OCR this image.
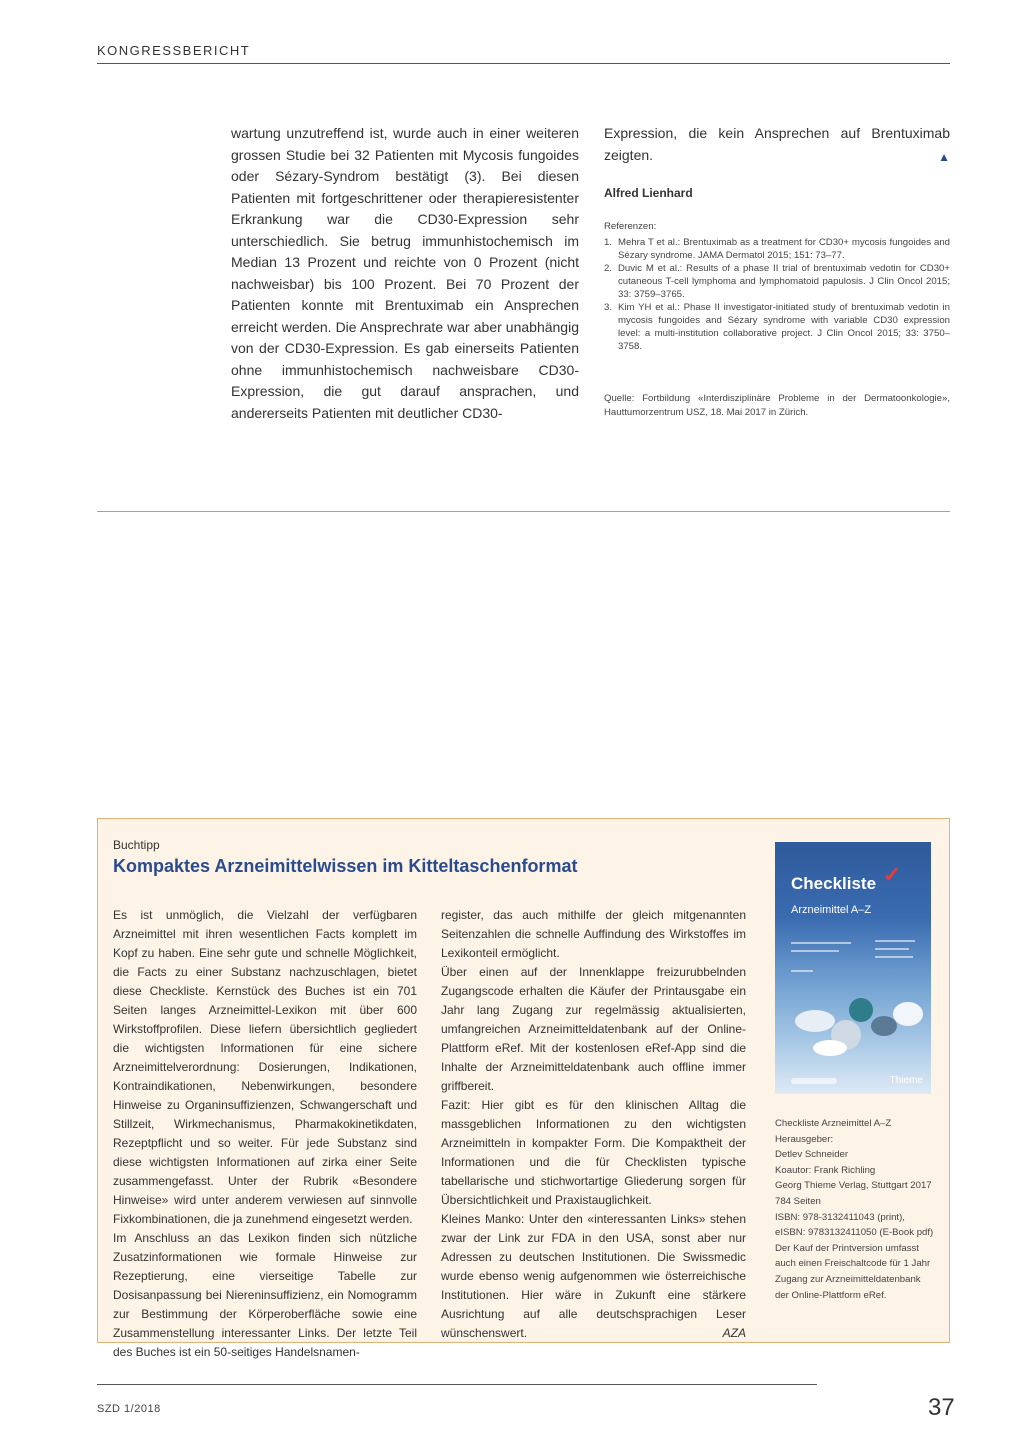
KONGRESSBERICHT
wartung unzutreffend ist, wurde auch in einer weiteren grossen Studie bei 32 Patienten mit Mycosis fungoides oder Sézary-Syndrom bestätigt (3). Bei diesen Patienten mit fortgeschrittener oder therapieresistenter Erkrankung war die CD30-Expression sehr unterschiedlich. Sie betrug immunhistochemisch im Median 13 Prozent und reichte von 0 Prozent (nicht nachweisbar) bis 100 Prozent. Bei 70 Prozent der Patienten konnte mit Brentuximab ein Ansprechen erreicht werden. Die Ansprechrate war aber unabhängig von der CD30-Expression. Es gab einerseits Patienten ohne immunhistochemisch nachweisbare CD30-Expression, die gut darauf ansprachen, und andererseits Patienten mit deutlicher CD30-
Expression, die kein Ansprechen auf Brentuximab zeigten.	▲
Alfred Lienhard
Referenzen:
1. Mehra T et al.: Brentuximab as a treatment for CD30+ mycosis fungoides and Sézary syndrome. JAMA Dermatol 2015; 151: 73–77.
2. Duvic M et al.: Results of a phase II trial of brentuximab vedotin for CD30+ cutaneous T-cell lymphoma and lymphomatoid papulosis. J Clin Oncol 2015; 33: 3759–3765.
3. Kim YH et al.: Phase II investigator-initiated study of brentuximab vedotin in mycosis fungoides and Sézary syndrome with variable CD30 expression level: a multi-institution collaborative project. J Clin Oncol 2015; 33: 3750–3758.
Quelle: Fortbildung «Interdisziplinäre Probleme in der Dermatoonkologie», Hauttumorzentrum USZ, 18. Mai 2017 in Zürich.
Buchtipp
Kompaktes Arzneimittelwissen im Kitteltaschenformat

Es ist unmöglich, die Vielzahl der verfügbaren Arzneimittel mit ihren wesentlichen Facts komplett im Kopf zu haben. Eine sehr gute und schnelle Möglichkeit, die Facts zu einer Substanz nachzuschlagen, bietet diese Checkliste. Kernstück des Buches ist ein 701 Seiten langes Arzneimittel-Lexikon mit über 600 Wirkstoffprofilen. Diese liefern übersichtlich gegliedert die wichtigsten Informationen für eine sichere Arzneimittelverordnung: Dosierungen, Indikationen, Kontraindikationen, Nebenwirkungen, besondere Hinweise zu Organinsuffizienzen, Schwangerschaft und Stillzeit, Wirkmechanismus, Pharmakokinetikdaten, Rezeptpflicht und so weiter. Für jede Substanz sind diese wichtigsten Informationen auf zirka einer Seite zusammengefasst. Unter der Rubrik «Besondere Hinweise» wird unter anderem verwiesen auf sinnvolle Fixkombinationen, die ja zunehmend eingesetzt werden.

Im Anschluss an das Lexikon finden sich nützliche Zusatzinformationen wie formale Hinweise zur Rezeptierung, eine vierseitige Tabelle zur Dosisanpassung bei Niereninsuffizienz, ein Nomogramm zur Bestimmung der Körperoberfläche sowie eine Zusammenstellung interessanter Links. Der letzte Teil des Buches ist ein 50-seitiges Handelsnamen-

register, das auch mithilfe der gleich mitgenannten Seitenzahlen die schnelle Auffindung des Wirkstoffes im Lexikonteil ermöglicht.

Über einen auf der Innenklappe freizurubbelnden Zugangscode erhalten die Käufer der Printausgabe ein Jahr lang Zugang zur regelmässig aktualisierten, umfangreichen Arzneimitteldatenbank auf der Online-Plattform eRef. Mit der kostenlosen eRef-App sind die Inhalte der Arzneimitteldatenbank auch offline immer griffbereit.

Fazit: Hier gibt es für den klinischen Alltag die massgeblichen Informationen zu den wichtigsten Arzneimitteln in kompakter Form. Die Kompaktheit der Informationen und die für Checklisten typische tabellarische und stichwortartige Gliederung sorgen für Übersichtlichkeit und Praxistauglichkeit.

Kleines Manko: Unter den «interessanten Links» stehen zwar der Link zur FDA in den USA, sonst aber nur Adressen zu deutschen Institutionen. Die Swissmedic wurde ebenso wenig aufgenommen wie österreichische Institutionen. Hier wäre in Zukunft eine stärkere Ausrichtung auf alle deutschsprachigen Leser wünschenswert.	AZA

Checkliste ✓
Arzneimittel A–Z
Thieme
Checkliste Arzneimittel A–Z
Herausgeber:
Detlev Schneider
Koautor: Frank Richling
Georg Thieme Verlag, Stuttgart 2017
784 Seiten
ISBN: 978-3132411043 (print),
eISBN: 9783132411050 (E-Book pdf)
Der Kauf der Printversion umfasst
auch einen Freischaltcode für 1 Jahr
Zugang zur Arzneimitteldatenbank
der Online-Plattform eRef.
SZD 1/2018	37
